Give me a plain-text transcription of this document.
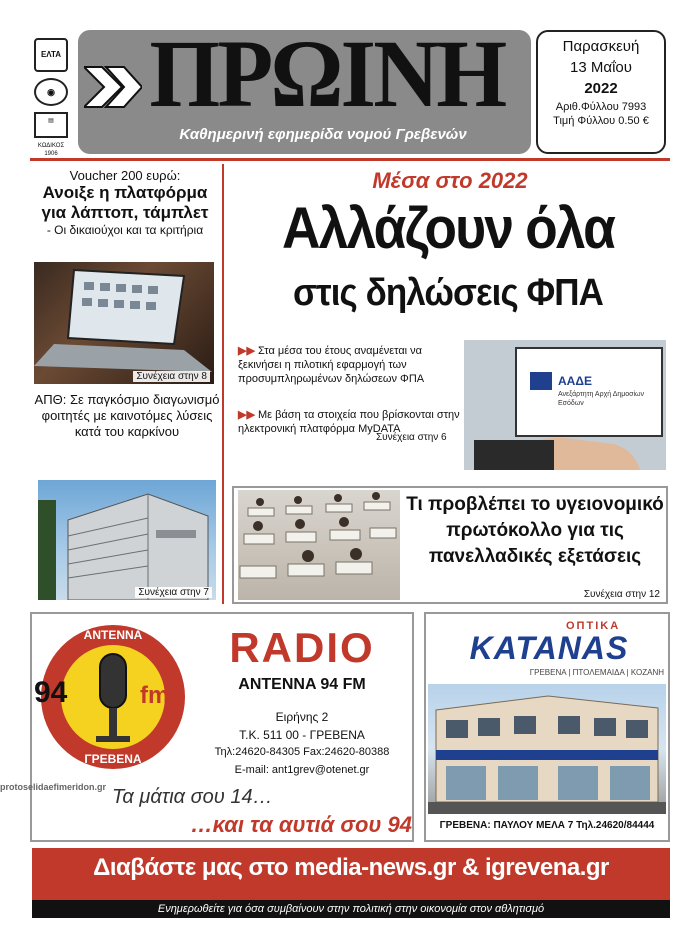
ΕΛΤΑ
◉
▤
ΚΩΔΙΚΟΣ
1906
ΠΡΩΙΝΗ
Καθημερινή εφημερίδα νομού Γρεβενών
Παρασκευή
13 Μαΐου
2022
Αριθ.Φύλλου 7993
Τιμή Φύλλου 0.50 €
Voucher 200 ευρώ:
Ανοιξε η πλατφόρμα για λάπτοπ, τάμπλετ
- Οι δικαιούχοι και τα κριτήρια
Συνέχεια στην 8
ΑΠΘ: Σε παγκόσμιο διαγωνισμό φοιτητές με καινοτόμες λύσεις κατά του καρκίνου
Συνέχεια στην 7
Μέσα στο 2022
Αλλάζουν όλα
στις δηλώσεις ΦΠΑ
▶▶ Στα μέσα του έτους αναμένεται να ξεκινήσει η πιλοτική εφαρμογή των προσυμπληρωμένων δηλώσεων ΦΠΑ
▶▶ Με βάση τα στοιχεία που βρίσκονται στην ηλεκτρονική πλατφόρμα MyDATA
Συνέχεια στην 6
ΑΑΔΕ
Ανεξάρτητη Αρχή Δημοσίων Εσόδων
Τι προβλέπει το υγειονομικό πρωτόκολλο για τις πανελλαδικές εξετάσεις
Συνέχεια στην 12
ΑΝΤΕΝΝΑ
ΓΡΕΒΕΝΑ
94	fm
RADIO
ANTENNA 94 FM
Ειρήνης 2
Τ.Κ. 511 00 - ΓΡΕΒΕΝΑ
Τηλ:24620-84305 Fax:24620-80388
E-mail: ant1grev@otenet.gr
Τα μάτια σου 14…
…και τα αυτιά σου 94
ΟΠΤΙΚΑ
KATANAS
ΓΡΕΒΕΝΑ | ΠΤΟΛΕΜΑΙΔΑ | ΚΟΖΑΝΗ
ΓΡΕΒΕΝΑ: ΠΑΥΛΟΥ ΜΕΛΑ 7 Τηλ.24620/84444
protoselidaefimeridon.gr
Διαβάστε μας στο media-news.gr & igrevena.gr
Ενημερωθείτε για όσα συμβαίνουν στην πολιτική στην οικονομία στον αθλητισμό
